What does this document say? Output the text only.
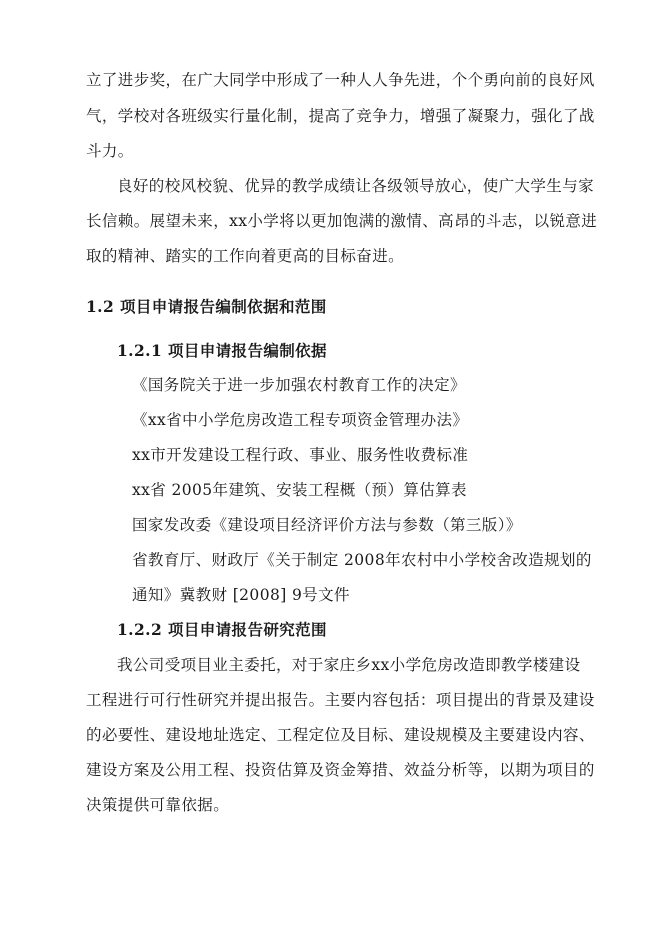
立了进步奖，在广大同学中形成了一种人人争先进，个个勇向前的良好风
气，学校对各班级实行量化制，提高了竞争力，增强了凝聚力，强化了战
斗力。
良好的校风校貌、优异的教学成绩让各级领导放心，使广大学生与家
长信赖。展望未来，xx小学将以更加饱满的激情、高昂的斗志，以锐意进
取的精神、踏实的工作向着更高的目标奋进。
1.2 项目申请报告编制依据和范围
1.2.1 项目申请报告编制依据
《国务院关于进一步加强农村教育工作的决定》
《xx省中小学危房改造工程专项资金管理办法》
xx市开发建设工程行政、事业、服务性收费标准
xx省 2005年建筑、安装工程概（预）算估算表
国家发改委《建设项目经济评价方法与参数（第三版）》
省教育厅、财政厅《关于制定 2008年农村中小学校舍改造规划的
通知》冀教财 [2008] 9号文件
1.2.2 项目申请报告研究范围
我公司受项目业主委托，对于家庄乡xx小学危房改造即教学楼建设
工程进行可行性研究并提出报告。主要内容包括：项目提出的背景及建设
的必要性、建设地址选定、工程定位及目标、建设规模及主要建设内容、
建设方案及公用工程、投资估算及资金筹措、效益分析等，以期为项目的
决策提供可靠依据。
